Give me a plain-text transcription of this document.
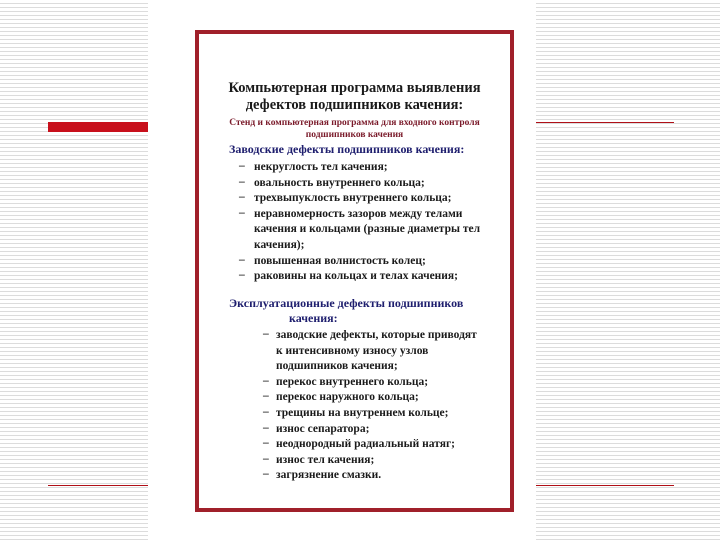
Компьютерная программа выявления
дефектов подшипников качения:
Стенд и компьютерная программа для входного контроля
подшипников качения
Заводские дефекты подшипников качения:
Эксплуатационные дефекты подшипников
качения:
– некруглость тел качения;
– овальность внутреннего кольца;
– трехвыпуклость внутреннего кольца;
– неравномерность зазоров между телами
качения и кольцами (разные диаметры тел
качения);
– повышенная волнистость колец;
– раковины на кольцах и телах качения;
– заводские дефекты, которые приводят
к интенсивному износу узлов
подшипников качения;
– перекос внутреннего кольца;
– перекос наружного кольца;
– трещины на внутреннем кольце;
– износ сепаратора;
– неоднородный радиальный натяг;
– износ тел качения;
– загрязнение смазки.
